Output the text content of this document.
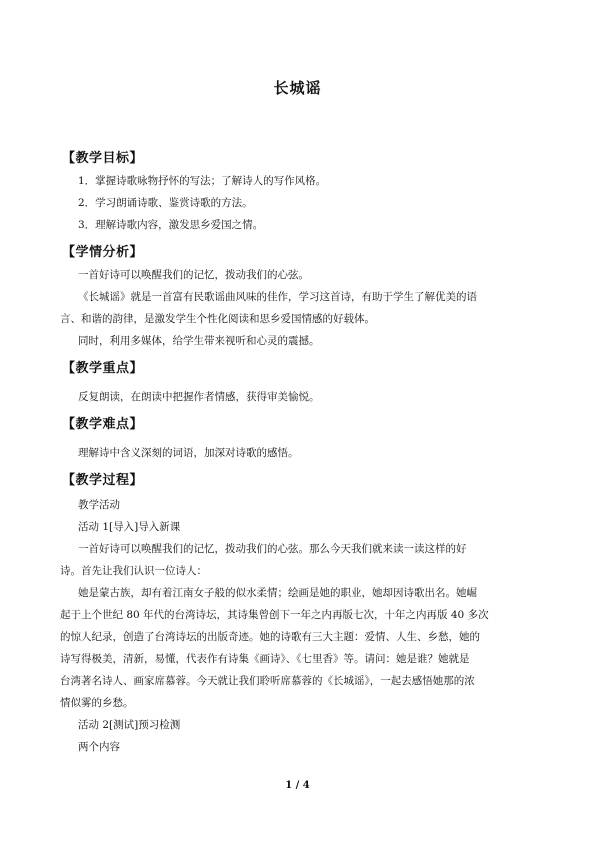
长城谣
【教学目标】
1．掌握诗歌咏物抒怀的写法；了解诗人的写作风格。
2．学习朗诵诗歌、鉴赏诗歌的方法。
3．理解诗歌内容，激发思乡爱国之情。
【学情分析】
一首好诗可以唤醒我们的记忆，拨动我们的心弦。
《长城谣》就是一首富有民歌谣曲风味的佳作，学习这首诗，有助于学生了解优美的语
言、和谐的韵律，是激发学生个性化阅读和思乡爱国情感的好载体。
同时，利用多媒体，给学生带来视听和心灵的震撼。
【教学重点】
反复朗读，在朗读中把握作者情感，获得审美愉悦。
【教学难点】
理解诗中含义深刻的词语，加深对诗歌的感悟。
【教学过程】
教学活动
活动 1[导入]导入新课
一首好诗可以唤醒我们的记忆，拨动我们的心弦。那么今天我们就来读一读这样的好
诗。首先让我们认识一位诗人：
她是蒙古族，却有着江南女子般的似水柔情；绘画是她的职业，她却因诗歌出名。她崛
起于上个世纪 80 年代的台湾诗坛，其诗集曾创下一年之内再版七次，十年之内再版 40 多次
的惊人纪录，创造了台湾诗坛的出版奇迹。她的诗歌有三大主题：爱情、人生、乡愁，她的
诗写得极美，清新，易懂，代表作有诗集《画诗》、《七里香》等。请问：她是谁？她就是
台湾著名诗人、画家席慕蓉。今天就让我们聆听席慕蓉的《长城谣》，一起去感悟她那的浓
情似雾的乡愁。
活动 2[测试]预习检测
两个内容
1 / 4
